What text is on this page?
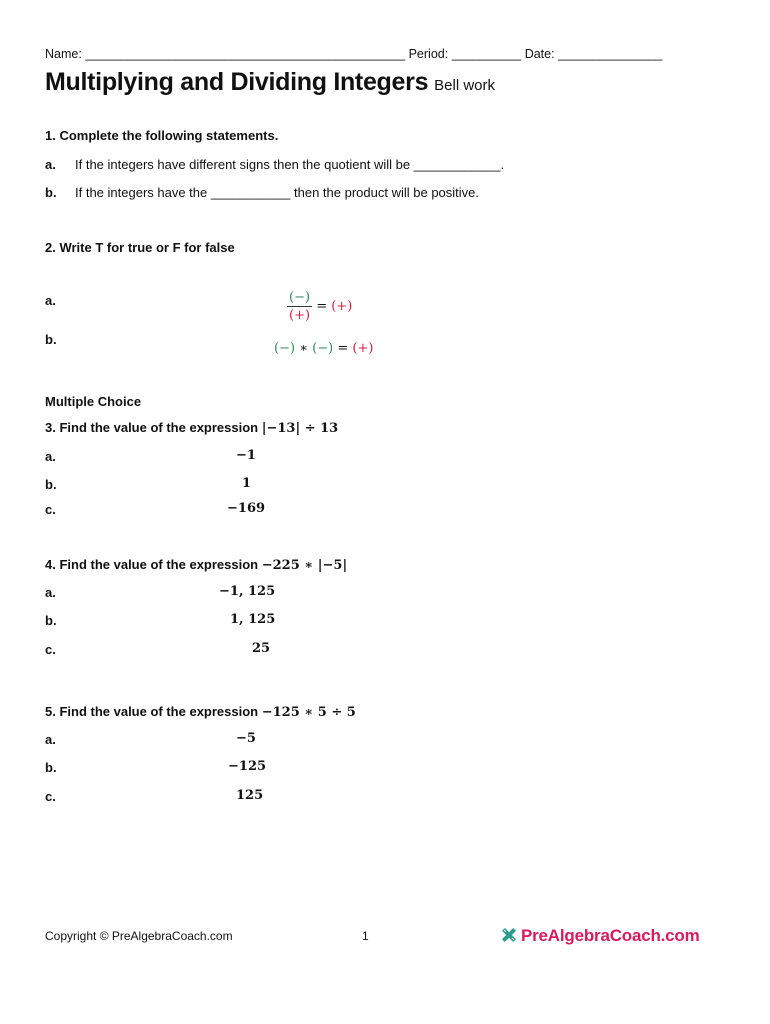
Name: ______________________________________________ Period: __________ Date: _______________
Multiplying and Dividing Integers Bell work
1. Complete the following statements.
a. If the integers have different signs then the quotient will be ____________.
b. If the integers have the ___________ then the product will be positive.
2. Write T for true or F for false
a.	$\frac{(-)}{(+)}$ = (+)
b.
(−) ∗ (−) = (+)
Multiple Choice
3. Find the value of the expression |−13| ÷ 13
a.	−1
b.	1
c.	−169
4. Find the value of the expression −225 ∗ |−5|
a.	−1, 125
b.	1, 125
c.	25
5. Find the value of the expression −125 ∗ 5 ÷ 5
a.	−5
b.	−125
c.	125
Copyright © PreAlgebraCoach.com	1	PreAlgebraCoach.com
